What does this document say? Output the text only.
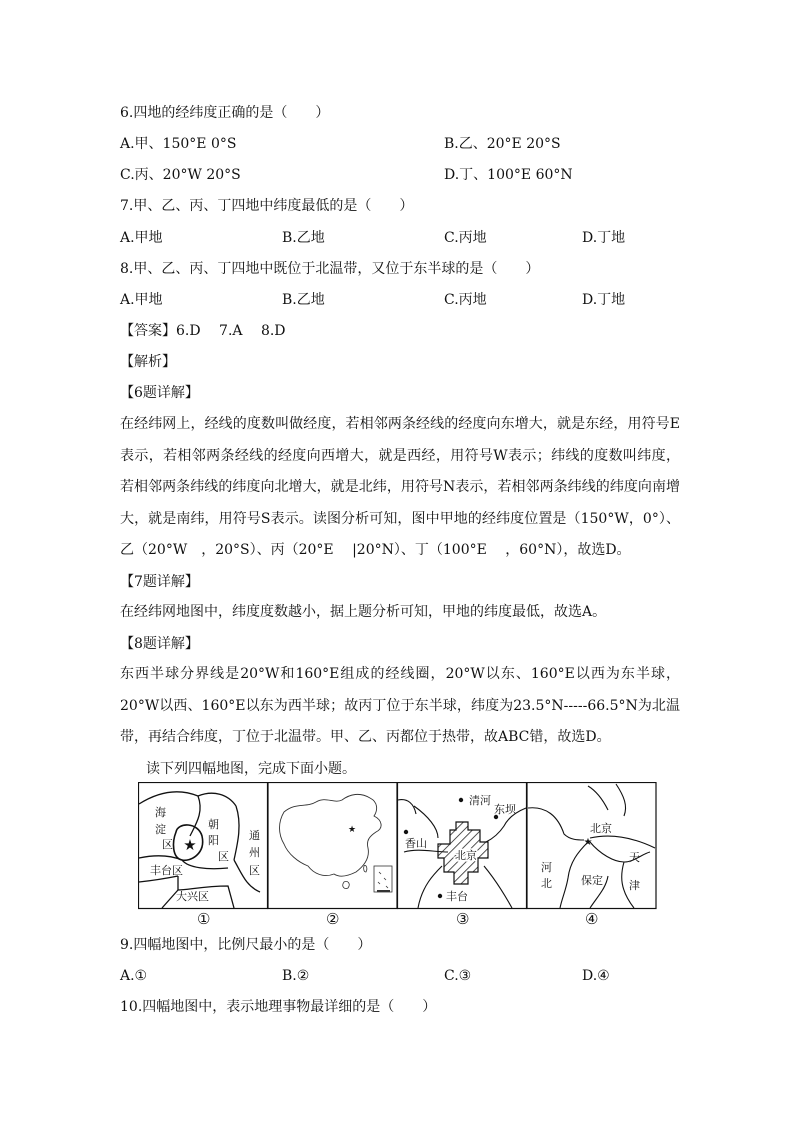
6.四地的经纬度正确的是（　　）
A.甲、150°E 0°S	B.乙、20°E 20°S
C.丙、20°W 20°S	D.丁、100°E 60°N
7.甲、乙、丙、丁四地中纬度最低的是（　　）
A.甲地	B.乙地	C.丙地	D.丁地
8.甲、乙、丙、丁四地中既位于北温带，又位于东半球的是（　　）
A.甲地	B.乙地	C.丙地	D.丁地
【答案】6.D　 7.A　 8.D
【解析】
【6题详解】
在经纬网上，经线的度数叫做经度，若相邻两条经线的经度向东增大，就是东经，用符号E表示，若相邻两条经线的经度向西增大，就是西经，用符号W表示；纬线的度数叫纬度，若相邻两条纬线的纬度向北增大，就是北纬，用符号N表示，若相邻两条纬线的纬度向南增大，就是南纬，用符号S表示。读图分析可知，图中甲地的经纬度位置是（150°W，0°）、乙（20°W　，20°S）、丙（20°E　 |20°N）、丁（100°E　 ，60°N），故选D。
【7题详解】
在经纬网地图中，纬度度数越小，据上题分析可知，甲地的纬度最低，故选A。
【8题详解】
东西半球分界线是20°W和160°E组成的经线圈，20°W以东、160°E以西为东半球，20°W以西、160°E以东为西半球；故丙丁位于东半球，纬度为23.5°N-----66.5°N为北温带，再结合纬度，丁位于北温带。甲、乙、丙都位于热带，故ABC错，故选D。
读下列四幅地图，完成下面小题。
★
海
淀
区
朝
阳
区
通
州
区
丰台区
大兴区
★
清河
东坝
香山
北京
丰台
★
北京
天
津
河
北	保定
①	②	③	④
9.四幅地图中，比例尺最小的是（　　）
A.①	B.②	C.③	D.④
10.四幅地图中，表示地理事物最详细的是（　　）
